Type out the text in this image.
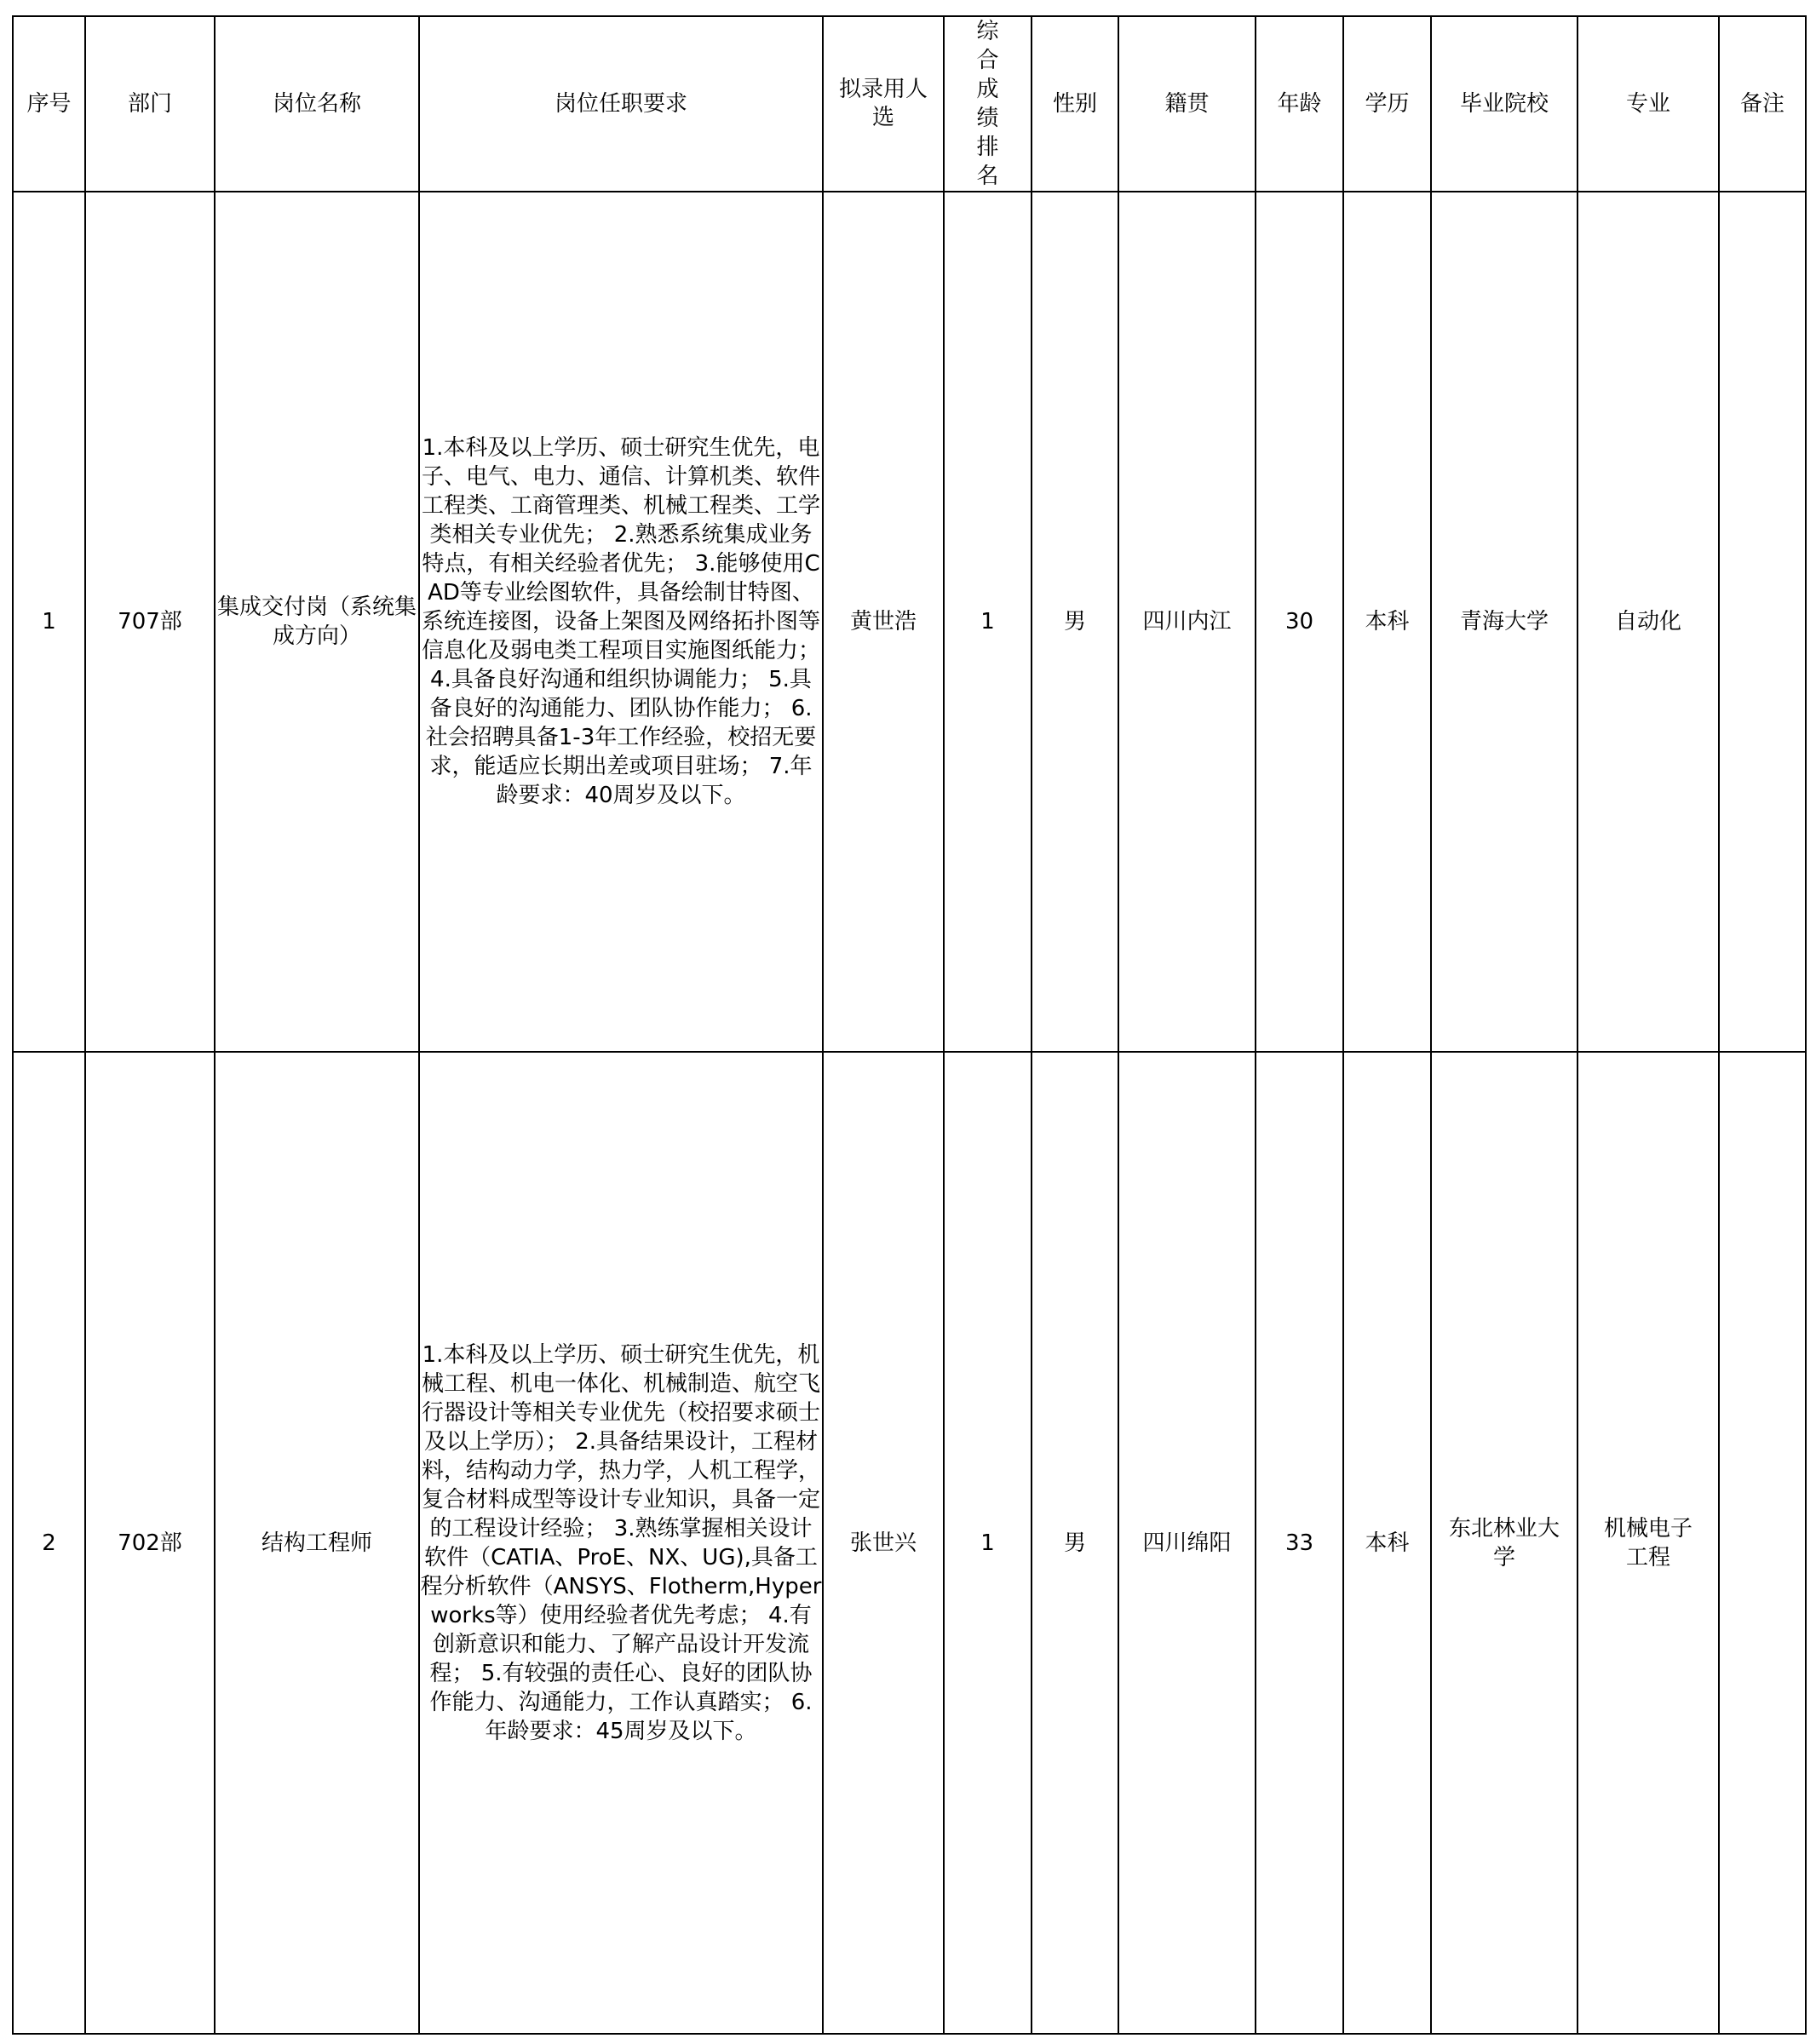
序号	部门	岗位名称	岗位任职要求	拟录用人选	综合成绩排名	性别	籍贯	年龄	学历	毕业院校	专业	备注
1	707部	集成交付岗（系统集成方向）	1.本科及以上学历、硕士研究生优先，电子、电气、电力、通信、计算机类、软件工程类、工商管理类、机械工程类、工学类相关专业优先； 2.熟悉系统集成业务特点，有相关经验者优先； 3.能够使用CAD等专业绘图软件，具备绘制甘特图、系统连接图，设备上架图及网络拓扑图等信息化及弱电类工程项目实施图纸能力； 4.具备良好沟通和组织协调能力； 5.具备良好的沟通能力、团队协作能力； 6.社会招聘具备1-3年工作经验，校招无要求，能适应长期出差或项目驻场； 7.年龄要求：40周岁及以下。	黄世浩	1	男	四川内江	30	本科	青海大学	自动化	
2	702部	结构工程师	1.本科及以上学历、硕士研究生优先，机械工程、机电一体化、机械制造、航空飞行器设计等相关专业优先（校招要求硕士及以上学历）； 2.具备结果设计，工程材料，结构动力学，热力学，人机工程学，复合材料成型等设计专业知识，具备一定的工程设计经验； 3.熟练掌握相关设计软件（CATIA、ProE、NX、UG),具备工程分析软件（ANSYS、Flotherm,Hyperworks等）使用经验者优先考虑； 4.有创新意识和能力、了解产品设计开发流程； 5.有较强的责任心、良好的团队协作能力、沟通能力，工作认真踏实； 6.年龄要求：45周岁及以下。	张世兴	1	男	四川绵阳	33	本科	东北林业大学	机械电子工程	
